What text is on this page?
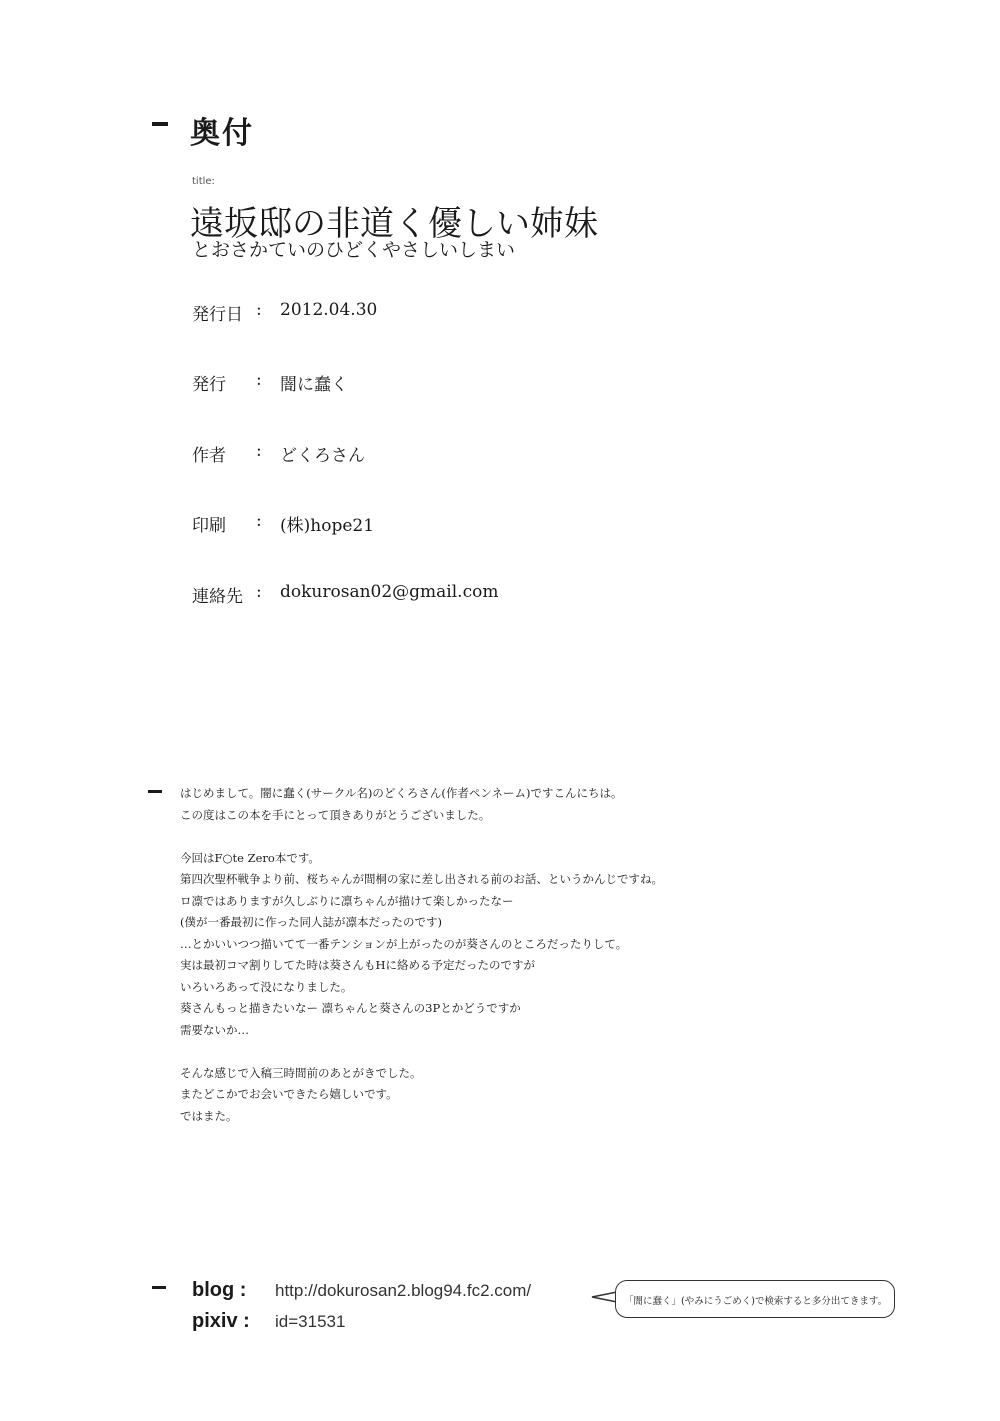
奥付
title:
遠坂邸の非道く優しい姉妹
とおさかていのひどくやさしいしまい
発行日 : 2012.04.30
発行	: 闇に蠢く
作者	: どくろさん
印刷	: (株)hope21
連絡先 : dokurosan02@gmail.com
はじめまして。闇に蠢く(サークル名)のどくろさん(作者ペンネーム)ですこんにちは。
この度はこの本を手にとって頂きありがとうございました。
今回はF○te Zero本です。
第四次聖杯戦争より前、桜ちゃんが間桐の家に差し出される前のお話、というかんじですね。
ロ凛ではありますが久しぶりに凛ちゃんが描けて楽しかったなー
(僕が一番最初に作った同人誌が凛本だったのです)
…とかいいつつ描いてて一番テンションが上がったのが葵さんのところだったりして。
実は最初コマ割りしてた時は葵さんもHに絡める予定だったのですが
いろいろあって没になりました。
葵さんもっと描きたいなー 凛ちゃんと葵さんの3Pとかどうですか
需要ないか…
そんな感じで入稿三時間前のあとがきでした。
またどこかでお会いできたら嬉しいです。
ではまた。
blog : http://dokurosan2.blog94.fc2.com/
pixiv : id=31531
「闇に蠢く」(やみにうごめく)で検索すると多分出てきます。
